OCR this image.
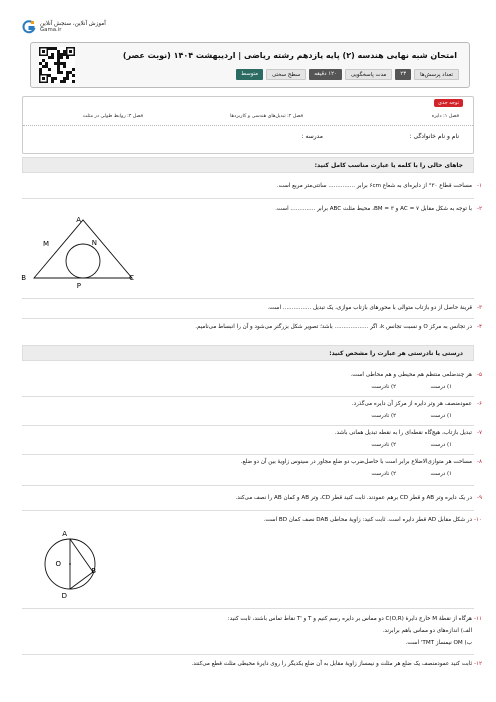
آموزش آنلاین، سنجش آنلاین
Gama.ir
امتحان شبه نهایی هندسه (۲) پایه یازدهم رشته ریاضی | اردیبهشت ۱۴۰۴ (نوبت عصر)
تعداد پرسش‌ها
۲۳
مدت پاسخگویی
۱۲۰ دقیقه
سطح سختی
متوسط
توجه جدی
فصل ۱: دایره
فصل ۲: تبدیل‌های هندسی و کاربردها
فصل ۳: روابط طولی در مثلث
نام و نام خانوادگی :
مدرسه :
جاهای خالی را با کلمه یا عبارت مناسب کامل کنید:
۱-
مساحت قطاع ۳۰° از دایره‌ای به شعاع ۶cm برابر ............... سانتی‌متر مربع است.
۲-
با توجه به شکل مقابل AC = ۷ و BM = ۳، محیط مثلث ABC برابر .............. است.
A
M	N
B
P
C
۳-
قرینهٔ حاصل از دو بازتاب متوالی با محورهای بازتاب موازی، یک تبدیل ................ است.
۴-
در تجانس به مرکز O و نسبت تجانس k، اگر ................... باشد؛ تصویر شکل بزرگتر می‌شود و آن را انبساط می‌نامیم.
درستی یا نادرستی هر عبارت را مشخص کنید:
۵-
هر چندضلعی منتظم هم محیطی و هم محاطی است.
۱) درست
۲) نادرست
۶-
عمودمنصف هر وتر دایره از مرکز آن دایره می‌گذرد.
۱) درست
۲) نادرست
۷-
تبدیل بازتاب، هیچ‌گاه نقطه‌ای را به نقطه تبدیل همانی باشد.
۱) درست
۲) نادرست
۸-
مساحت هر متوازی‌الاضلاع برابر است با حاصل‌ضرب دو ضلع مجاور در سینوس زاویهٔ بین آن دو ضلع.
۱) درست
۲) نادرست
۹-
در یک دایره وتر AB و قطر CD برهم عمودند. ثابت کنید قطر CD، وتر AB و کمان AB را نصف می‌کند.
۱۰-
در شکل مقابل AD قطر دایره است. ثابت کنید: زاویهٔ محاطی DAB نصف کمان BD است.
A
O
B
D
۱۱-
هرگاه از نقطهٔ M خارج دایرهٔ C(O,R) دو مماس بر دایره رسم کنیم و T و 'T نقاط تماس باشند، ثابت کنید:
الف) اندازه‌های دو مماس باهم برابرند.
ب) OM نیمساز TMT' است.
۱۲-
ثابت کنید عمودمنصف یک ضلع هر مثلث و نیمساز زاویهٔ مقابل به آن ضلع یکدیگر را روی دایرهٔ محیطی مثلث قطع می‌کنند.
